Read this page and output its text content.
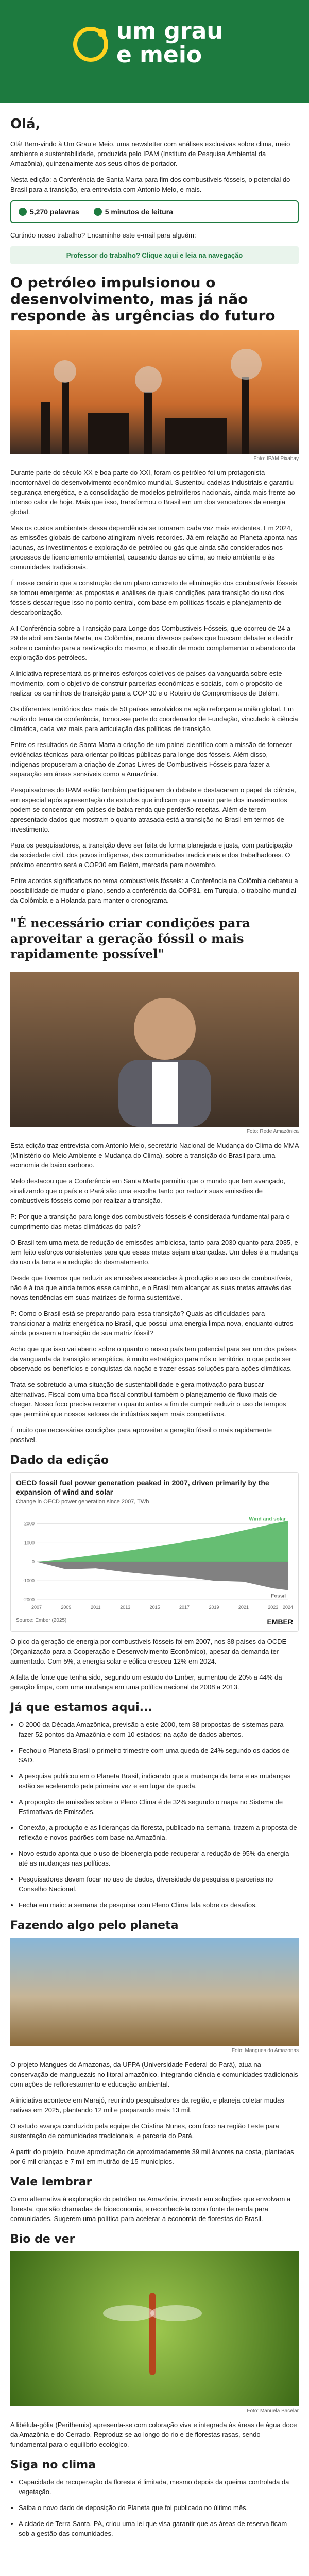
um grau
e meio
Olá,

Olá! Bem-vindo à Um Grau e Meio, uma newsletter com análises exclusivas sobre clima, meio ambiente e sustentabilidade, produzida pelo IPAM (Instituto de Pesquisa Ambiental da Amazônia), quinzenalmente aos seus olhos de portador.

Nesta edição: a Conferência de Santa Marta para fim dos combustíveis fósseis, o potencial do Brasil para a transição, era entrevista com Antonio Melo, e mais.

5,270 palavras	5 minutos de leitura

Curtindo nosso trabalho? Encaminhe este e-mail para alguém:

Professor do trabalho? Clique aqui e leia na navegação
O petróleo impulsionou o desenvolvimento, mas já não responde às urgências do futuro
Foto: IPAM Pixabay

Durante parte do século XX e boa parte do XXI, foram os petróleo foi um protagonista incontornável do desenvolvimento econômico mundial. Sustentou cadeias industriais e garantiu segurança energética, e a consolidação de modelos petrolíferos nacionais, ainda mais frente ao intenso calor de hoje. Mais que isso, transformou o Brasil em um dos vencedores da energia global.

Mas os custos ambientais dessa dependência se tornaram cada vez mais evidentes. Em 2024, as emissões globais de carbono atingiram níveis recordes. Já em relação ao Planeta aponta nas lacunas, as investimentos e exploração de petróleo ou gás que ainda são considerados nos processos de licenciamento ambiental, causando danos ao clima, ao meio ambiente e às comunidades tradicionais.

É nesse cenário que a construção de um plano concreto de eliminação dos combustíveis fósseis se tornou emergente: as propostas e análises de quais condições para transição do uso dos fósseis descarregue isso no ponto central, com base em políticas fiscais e planejamento de descarbonização.

A I Conferência sobre a Transição para Longe dos Combustíveis Fósseis, que ocorreu de 24 a 29 de abril em Santa Marta, na Colômbia, reuniu diversos países que buscam debater e decidir sobre o caminho para a realização do mesmo, e discutir de modo complementar o abandono da exploração dos petróleos.

A iniciativa representará os primeiros esforços coletivos de países da vanguarda sobre este movimento, com o objetivo de construir parcerias econômicas e sociais, com o propósito de realizar os caminhos de transição para a COP 30 e o Roteiro de Compromissos de Belém.

Os diferentes territórios dos mais de 50 países envolvidos na ação reforçam a união global. Em razão do tema da conferência, tornou-se parte do coordenador de Fundação, vinculado à ciência climática, cada vez mais para articulação das políticas de transição.

Entre os resultados de Santa Marta a criação de um painel científico com a missão de fornecer evidências técnicas para orientar políticas públicas para longe dos fósseis. Além disso, indígenas propuseram a criação de Zonas Livres de Combustíveis Fósseis para fazer a separação em áreas sensíveis como a Amazônia.

Pesquisadores do IPAM estão também participaram do debate e destacaram o papel da ciência, em especial após apresentação de estudos que indicam que a maior parte dos investimentos podem se concentrar em países de baixa renda que perderão receitas. Além de terem apresentado dados que mostram o quanto atrasada está a transição no Brasil em termos de investimento.

Para os pesquisadores, a transição deve ser feita de forma planejada e justa, com participação da sociedade civil, dos povos indígenas, das comunidades tradicionais e dos trabalhadores. O próximo encontro será a COP30 em Belém, marcada para novembro.

Entre acordos significativos no tema combustíveis fósseis: a Conferência na Colômbia debateu a possibilidade de mudar o plano, sendo a conferência da COP31, em Turquia, o trabalho mundial da Colômbia e a Holanda para manter o cronograma.

"É necessário criar condições para aproveitar a geração fóssil o mais rapidamente possível"
Foto: Rede Amazônica

Esta edição traz entrevista com Antonio Melo, secretário Nacional de Mudança do Clima do MMA (Ministério do Meio Ambiente e Mudança do Clima), sobre a transição do Brasil para uma economia de baixo carbono.

Melo destacou que a Conferência em Santa Marta permitiu que o mundo que tem avançado, sinalizando que o país e o Pará são uma escolha tanto por reduzir suas emissões de combustíveis fósseis como por realizar a transição.

P: Por que a transição para longe dos combustíveis fósseis é considerada fundamental para o cumprimento das metas climáticas do país?

O Brasil tem uma meta de redução de emissões ambiciosa, tanto para 2030 quanto para 2035, e tem feito esforços consistentes para que essas metas sejam alcançadas. Um deles é a mudança do uso da terra e a redução do desmatamento.

Desde que tivemos que reduzir as emissões associadas à produção e ao uso de combustíveis, não é à toa que ainda temos esse caminho, e o Brasil tem alcançar as suas metas através das novas tendências em suas matrizes de forma sustentável.

P: Como o Brasil está se preparando para essa transição? Quais as dificuldades para transicionar a matriz energética no Brasil, que possui uma energia limpa nova, enquanto outros ainda possuem a transição de sua matriz fóssil?

Acho que que isso vai aberto sobre o quanto o nosso país tem potencial para ser um dos países da vanguarda da transição energética, é muito estratégico para nós o território, o que pode ser observado os benefícios e conquistas da nação e trazer essas soluções para ações climáticas.

Trata-se sobretudo a uma situação de sustentabilidade e gera motivação para buscar alternativas. Fiscal com uma boa fiscal contribui também o planejamento de fluxo mais de chegar. Nosso foco precisa recorrer o quanto antes a fim de cumprir reduzir o uso de tempos que permitirá que nossos setores de indústrias sejam mais competitivos.

É muito que necessárias condições para aproveitar a geração fóssil o mais rapidamente possível.

Dado da edição
OECD fossil fuel power generation peaked in 2007, driven primarily by the expansion of wind and solar
Change in OECD power generation since 2007, TWh
-2000
-1000
0
1000
2000
2007	2009	2011	2013	2015	2017	2019	2021	2023 2024
Wind and solar
Fossil
Source: Ember (2025)	EMBER

O pico da geração de energia por combustíveis fósseis foi em 2007, nos 38 países da OCDE (Organização para a Cooperação e Desenvolvimento Econômico), apesar da demanda ter aumentado. Com 5%, a energia solar e eólica cresceu 12% em 2024.

A falta de fonte que tenha sido, segundo um estudo do Ember, aumentou de 20% a 44% da geração limpa, com uma mudança em uma política nacional de 2008 a 2013.

Já que estamos aqui...
• O 2000 da Década Amazônica, previsão a este 2000, tem 38 propostas de sistemas para fazer 52 pontos da Amazônia e com 10 estados; na ação de dados abertos.
• Fechou o Planeta Brasil o primeiro trimestre com uma queda de 24% segundo os dados de SAD.
• A pesquisa publicou em o Planeta Brasil, indicando que a mudança da terra e as mudanças estão se acelerando pela primeira vez e em lugar de queda.
• A proporção de emissões sobre o Pleno Clima é de 32% segundo o mapa no Sistema de Estimativas de Emissões.
• Conexão, a produção e as lideranças da floresta, publicado na semana, trazem a proposta de reflexão e novos padrões com base na Amazônia.
• Novo estudo aponta que o uso de bioenergia pode recuperar a redução de 95% da energia até as mudanças nas políticas.
• Pesquisadores devem focar no uso de dados, diversidade de pesquisa e parcerias no Conselho Nacional.
• Fecha em maio: a semana de pesquisa com Pleno Clima fala sobre os desafios.
Fazendo algo pelo planeta
Foto: Mangues do Amazonas

O projeto Mangues do Amazonas, da UFPA (Universidade Federal do Pará), atua na conservação de manguezais no litoral amazônico, integrando ciência e comunidades tradicionais com ações de reflorestamento e educação ambiental.

A iniciativa acontece em Marajó, reunindo pesquisadores da região, e planeja coletar mudas nativas em 2025, plantando 12 mil e preparando mais 13 mil.

O estudo avança conduzido pela equipe de Cristina Nunes, com foco na região Leste para sustentação de comunidades tradicionais, e parceria do Pará.

A partir do projeto, houve aproximação de aproximadamente 39 mil árvores na costa, plantadas por 6 mil crianças e 7 mil em mutirão de 15 municípios.

Vale lembrar

Como alternativa à exploração do petróleo na Amazônia, investir em soluções que envolvam a floresta, que são chamadas de bioeconomia, e reconhecê-la como fonte de renda para comunidades. Sugerem uma política para acelerar a economia de florestas do Brasil.

Bio de ver
Foto: Manuela Bacelar

A libélula-gólia (Perithemis) apresenta-se com coloração viva e integrada às áreas de água doce da Amazônia e do Cerrado. Reproduz-se ao longo do rio e de florestas rasas, sendo fundamental para o equilíbrio ecológico.

Siga no clima
• Capacidade de recuperação da floresta é limitada, mesmo depois da queima controlada da vegetação.
• Saiba o novo dado de deposição do Planeta que foi publicado no último mês.
• A cidade de Terra Santa, PA, criou uma lei que visa garantir que as áreas de reserva ficam sob a gestão das comunidades.
